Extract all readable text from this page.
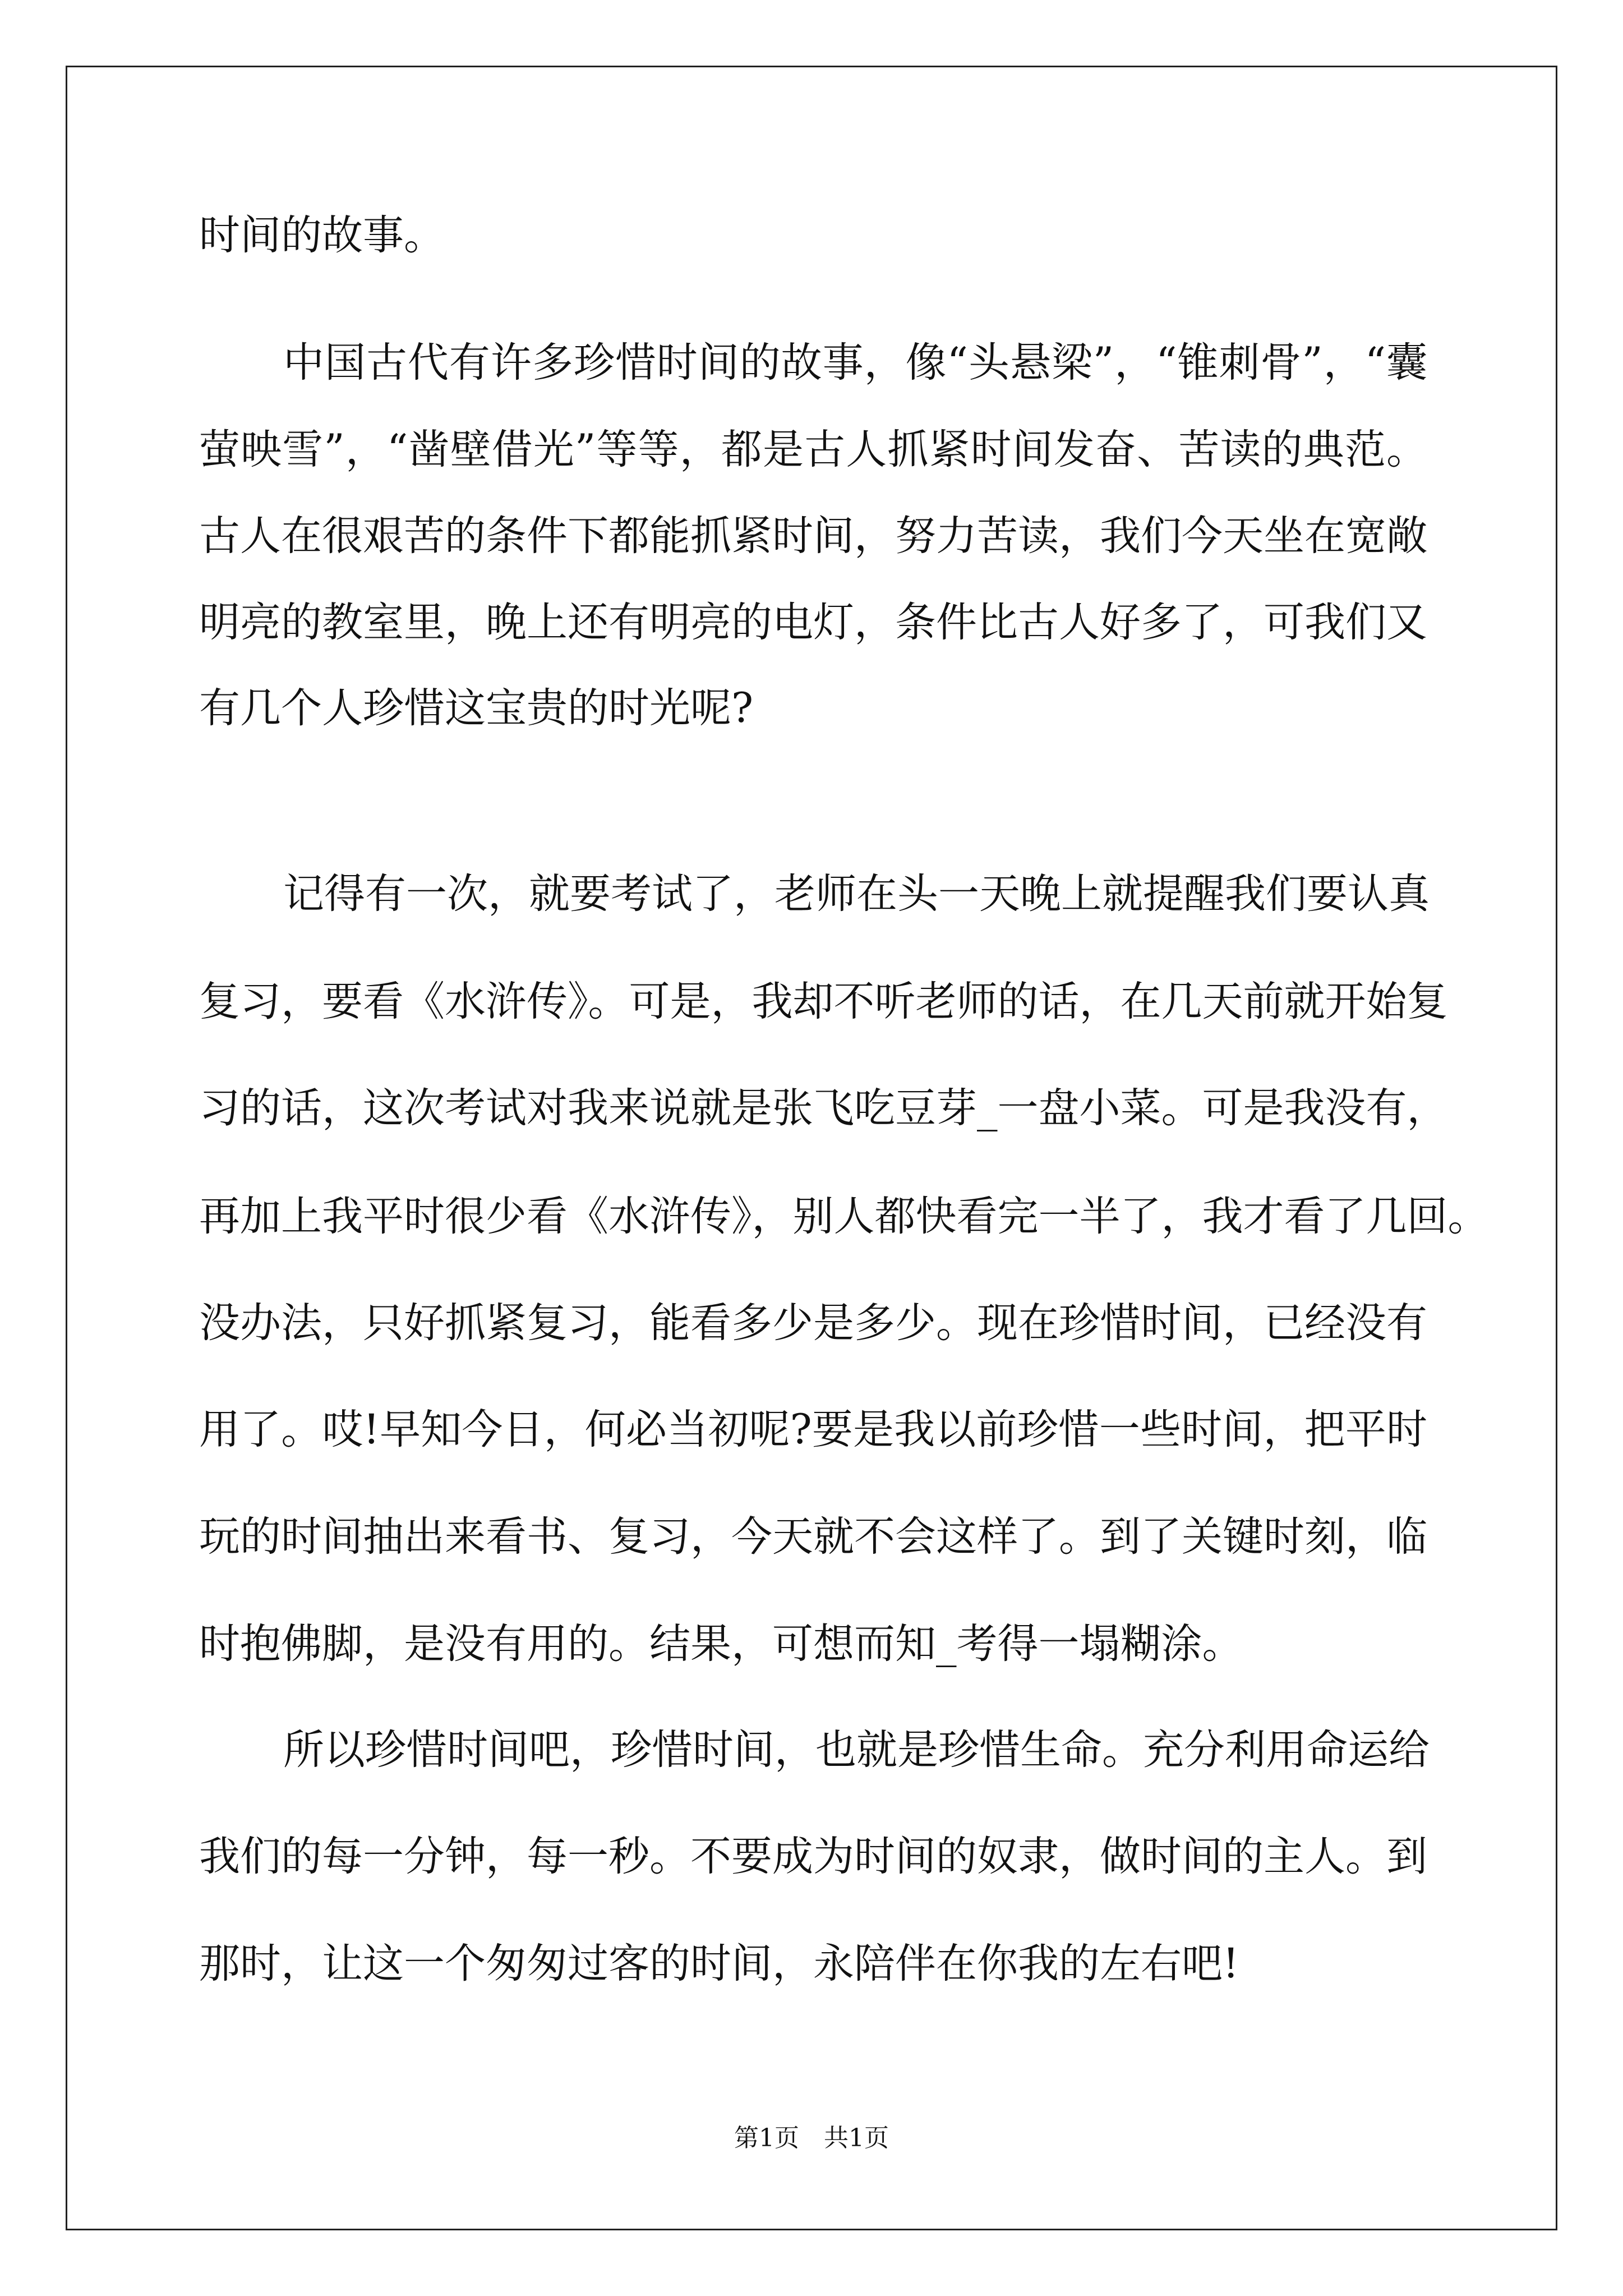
时间的故事。
中国古代有许多珍惜时间的故事，像“头悬梁”，“锥刺骨”，“囊
萤映雪”，“凿壁借光”等等，都是古人抓紧时间发奋、苦读的典范。
古人在很艰苦的条件下都能抓紧时间，努力苦读，我们今天坐在宽敞
明亮的教室里，晚上还有明亮的电灯，条件比古人好多了，可我们又
有几个人珍惜这宝贵的时光呢?
记得有一次，就要考试了，老师在头一天晚上就提醒我们要认真
复习，要看《水浒传》。可是，我却不听老师的话，在几天前就开始复
习的话，这次考试对我来说就是张飞吃豆芽_一盘小菜。可是我没有，
再加上我平时很少看《水浒传》，别人都快看完一半了，我才看了几回。
没办法，只好抓紧复习，能看多少是多少。现在珍惜时间，已经没有
用了。哎!早知今日，何必当初呢?要是我以前珍惜一些时间，把平时
玩的时间抽出来看书、复习，今天就不会这样了。到了关键时刻，临
时抱佛脚，是没有用的。结果，可想而知_考得一塌糊涂。
所以珍惜时间吧，珍惜时间，也就是珍惜生命。充分利用命运给
我们的每一分钟，每一秒。不要成为时间的奴隶，做时间的主人。到
那时，让这一个匆匆过客的时间，永陪伴在你我的左右吧!
第1页　共1页
